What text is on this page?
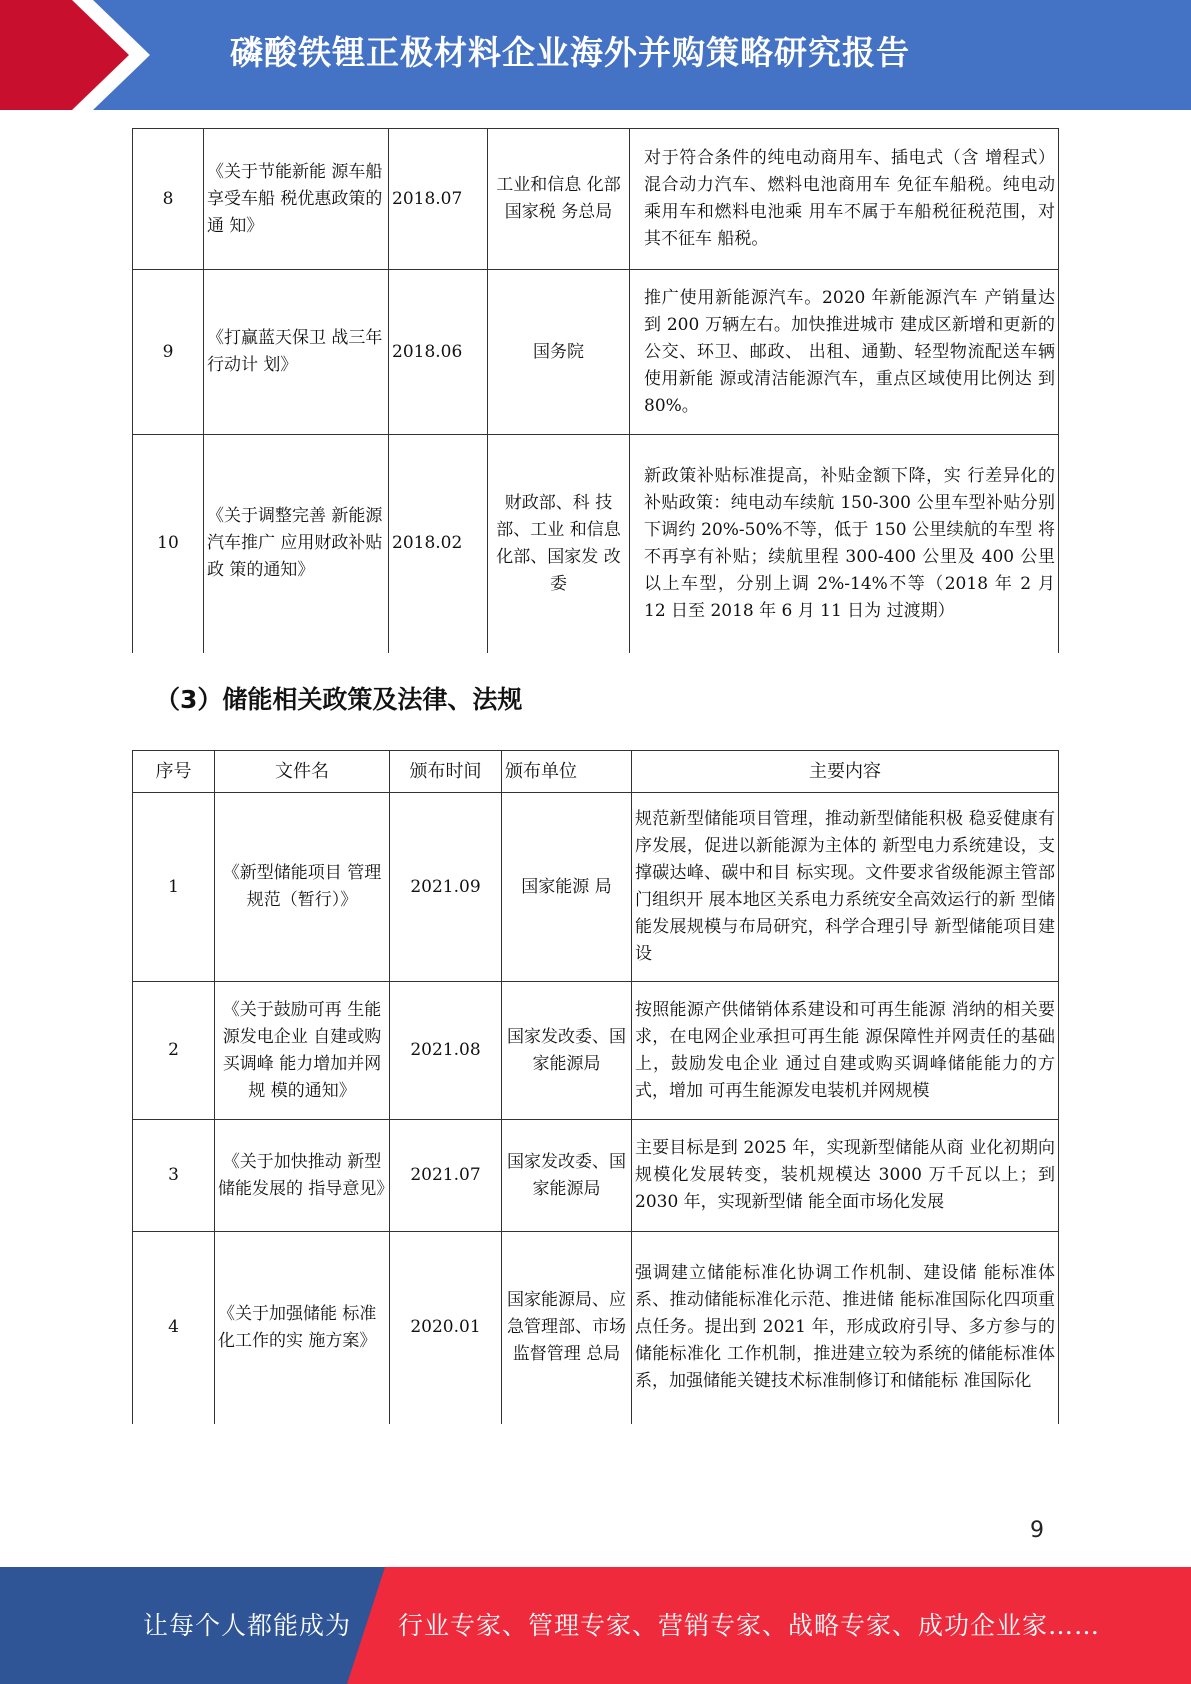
磷酸铁锂正极材料企业海外并购策略研究报告
8	《关于节能新能 源车船享受车船 税优惠政策的通 知》	2018.07	工业和信息 化部国家税 务总局	对于符合条件的纯电动商用车、插电式（含 增程式）混合动力汽车、燃料电池商用车 免征车船税。纯电动乘用车和燃料电池乘 用车不属于车船税征税范围，对其不征车 船税。
9	《打赢蓝天保卫 战三年行动计 划》	2018.06	国务院	推广使用新能源汽车。2020 年新能源汽车 产销量达到 200 万辆左右。加快推进城市 建成区新增和更新的公交、环卫、邮政、 出租、通勤、轻型物流配送车辆使用新能 源或清洁能源汽车，重点区域使用比例达 到 80%。
10	《关于调整完善 新能源汽车推广 应用财政补贴政 策的通知》	2018.02	财政部、科 技部、工业 和信息化部、国家发 改委	新政策补贴标准提高，补贴金额下降，实 行差异化的补贴政策：纯电动车续航 150-300 公里车型补贴分别下调约 20%-50%不等，低于 150 公里续航的车型 将不再享有补贴；续航里程 300-400 公里及 400 公里以上车型，分别上调 2%-14%不等（2018 年 2 月 12 日至 2018 年 6 月 11 日为 过渡期）
（3）储能相关政策及法律、法规
序号	文件名	颁布时间	颁布单位	主要内容
1	《新型储能项目 管理规范（暂行）》	2021.09	国家能源 局	规范新型储能项目管理，推动新型储能积极 稳妥健康有序发展，促进以新能源为主体的 新型电力系统建设，支撑碳达峰、碳中和目 标实现。文件要求省级能源主管部门组织开 展本地区关系电力系统安全高效运行的新 型储能发展规模与布局研究，科学合理引导 新型储能项目建设
2	《关于鼓励可再 生能源发电企业 自建或购买调峰 能力增加并网规 模的通知》	2021.08	国家发改委、国家能源局	按照能源产供储销体系建设和可再生能源 消纳的相关要求，在电网企业承担可再生能 源保障性并网责任的基础上，鼓励发电企业 通过自建或购买调峰储能能力的方式，增加 可再生能源发电装机并网规模
3	《关于加快推动 新型储能发展的 指导意见》	2021.07	国家发改委、国家能源局	主要目标是到 2025 年，实现新型储能从商 业化初期向规模化发展转变，装机规模达 3000 万千瓦以上；到 2030 年，实现新型储 能全面市场化发展
4	《关于加强储能 标准化工作的实 施方案》	2020.01	国家能源局、应急管理部、市场监督管理 总局	强调建立储能标准化协调工作机制、建设储 能标准体系、推动储能标准化示范、推进储 能标准国际化四项重点任务。提出到 2021 年，形成政府引导、多方参与的储能标准化 工作机制，推进建立较为系统的储能标准体 系，加强储能关键技术标准制修订和储能标 准国际化
9
让每个人都能成为 行业专家、管理专家、营销专家、战略专家、成功企业家……
